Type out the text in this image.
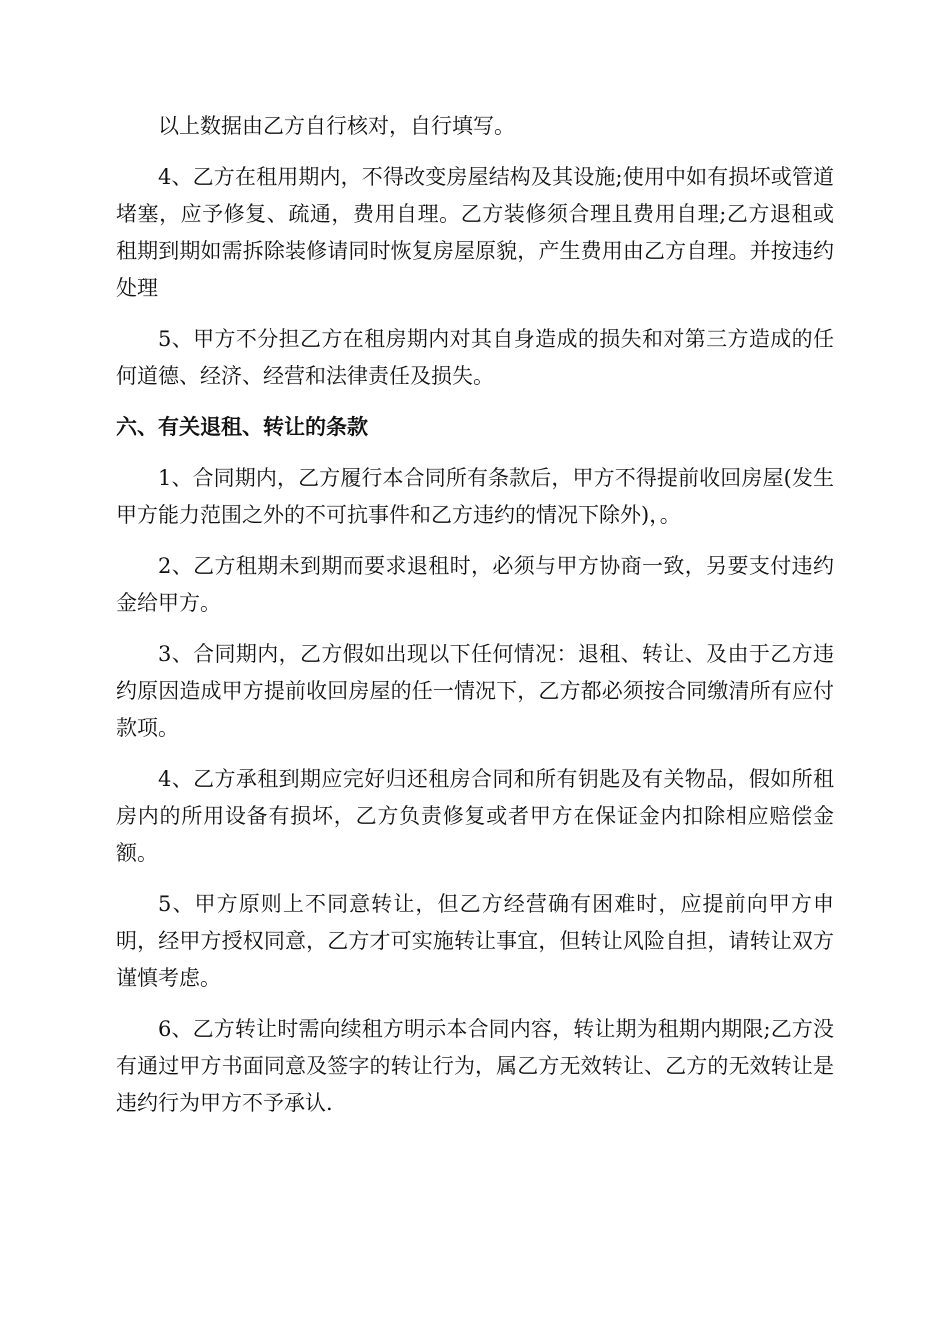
以上数据由乙方自行核对，自行填写。

4、乙方在租用期内，不得改变房屋结构及其设施;使用中如有损坏或管道堵塞，应予修复、疏通，费用自理。乙方装修须合理且费用自理;乙方退租或租期到期如需拆除装修请同时恢复房屋原貌，产生费用由乙方自理。并按违约处理

5、甲方不分担乙方在租房期内对其自身造成的损失和对第三方造成的任何道德、经济、经营和法律责任及损失。

六、有关退租、转让的条款

1、合同期内，乙方履行本合同所有条款后，甲方不得提前收回房屋(发生甲方能力范围之外的不可抗事件和乙方违约的情况下除外)，。

2、乙方租期未到期而要求退租时，必须与甲方协商一致，另要支付违约金给甲方。

3、合同期内，乙方假如出现以下任何情况：退租、转让、及由于乙方违约原因造成甲方提前收回房屋的任一情况下，乙方都必须按合同缴清所有应付款项。

4、乙方承租到期应完好归还租房合同和所有钥匙及有关物品，假如所租房内的所用设备有损坏，乙方负责修复或者甲方在保证金内扣除相应赔偿金额。

5、甲方原则上不同意转让，但乙方经营确有困难时，应提前向甲方申明，经甲方授权同意，乙方才可实施转让事宜，但转让风险自担，请转让双方谨慎考虑。

6、乙方转让时需向续租方明示本合同内容，转让期为租期内期限;乙方没有通过甲方书面同意及签字的转让行为，属乙方无效转让、乙方的无效转让是违约行为甲方不予承认.
